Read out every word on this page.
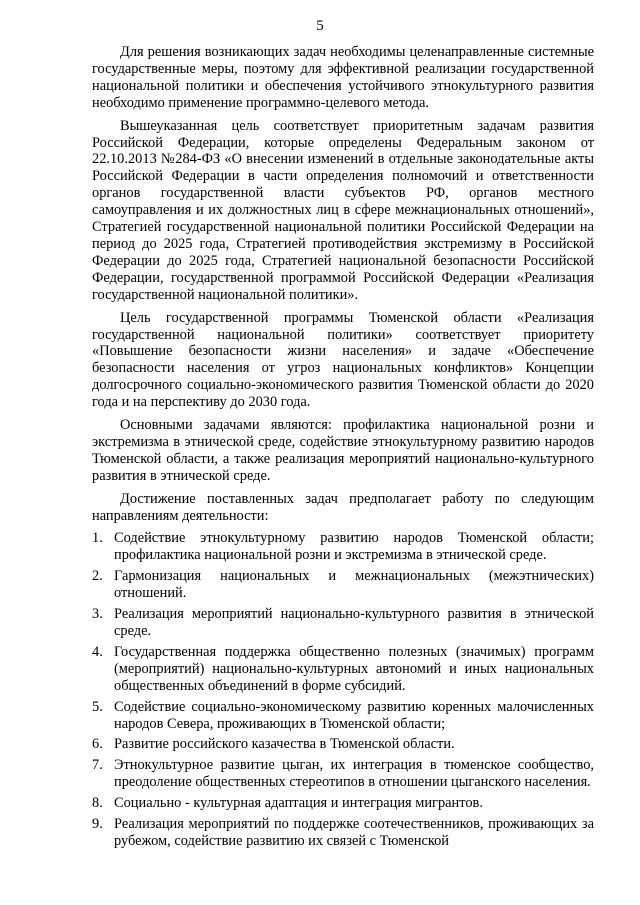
5

Для решения возникающих задач необходимы целенаправленные системные государственные меры, поэтому для эффективной реализации государственной национальной политики и обеспечения устойчивого этнокультурного развития необходимо применение программно-целевого метода.

Вышеуказанная цель соответствует приоритетным задачам развития Российской Федерации, которые определены Федеральным законом от 22.10.2013 №284-ФЗ «О внесении изменений в отдельные законодательные акты Российской Федерации в части определения полномочий и ответственности органов государственной власти субъектов РФ, органов местного самоуправления и их должностных лиц в сфере межнациональных отношений», Стратегией государственной национальной политики Российской Федерации на период до 2025 года, Стратегией противодействия экстремизму в Российской Федерации до 2025 года, Стратегией национальной безопасности Российской Федерации, государственной программой Российской Федерации «Реализация государственной национальной политики».

Цель государственной программы Тюменской области «Реализация государственной национальной политики» соответствует приоритету «Повышение безопасности жизни населения» и задаче «Обеспечение безопасности населения от угроз национальных конфликтов» Концепции долгосрочного социально-экономического развития Тюменской области до 2020 года и на перспективу до 2030 года.

Основными задачами являются: профилактика национальной розни и экстремизма в этнической среде, содействие этнокультурному развитию народов Тюменской области, а также реализация мероприятий национально-культурного развития в этнической среде.

Достижение поставленных задач предполагает работу по следующим направлениям деятельности:

1. Содействие этнокультурному развитию народов Тюменской области; профилактика национальной розни и экстремизма в этнической среде.
2. Гармонизация национальных и межнациональных (межэтнических) отношений.
3. Реализация мероприятий национально-культурного развития в этнической среде.
4. Государственная поддержка общественно полезных (значимых) программ (мероприятий) национально-культурных автономий и иных национальных общественных объединений в форме субсидий.
5. Содействие социально-экономическому развитию коренных малочисленных народов Севера, проживающих в Тюменской области;
6. Развитие российского казачества в Тюменской области.
7. Этнокультурное развитие цыган, их интеграция в тюменское сообщество, преодоление общественных стереотипов в отношении цыганского населения.
8. Социально - культурная адаптация и интеграция мигрантов.
9. Реализация мероприятий по поддержке соотечественников, проживающих за рубежом, содействие развитию их связей с Тюменской
